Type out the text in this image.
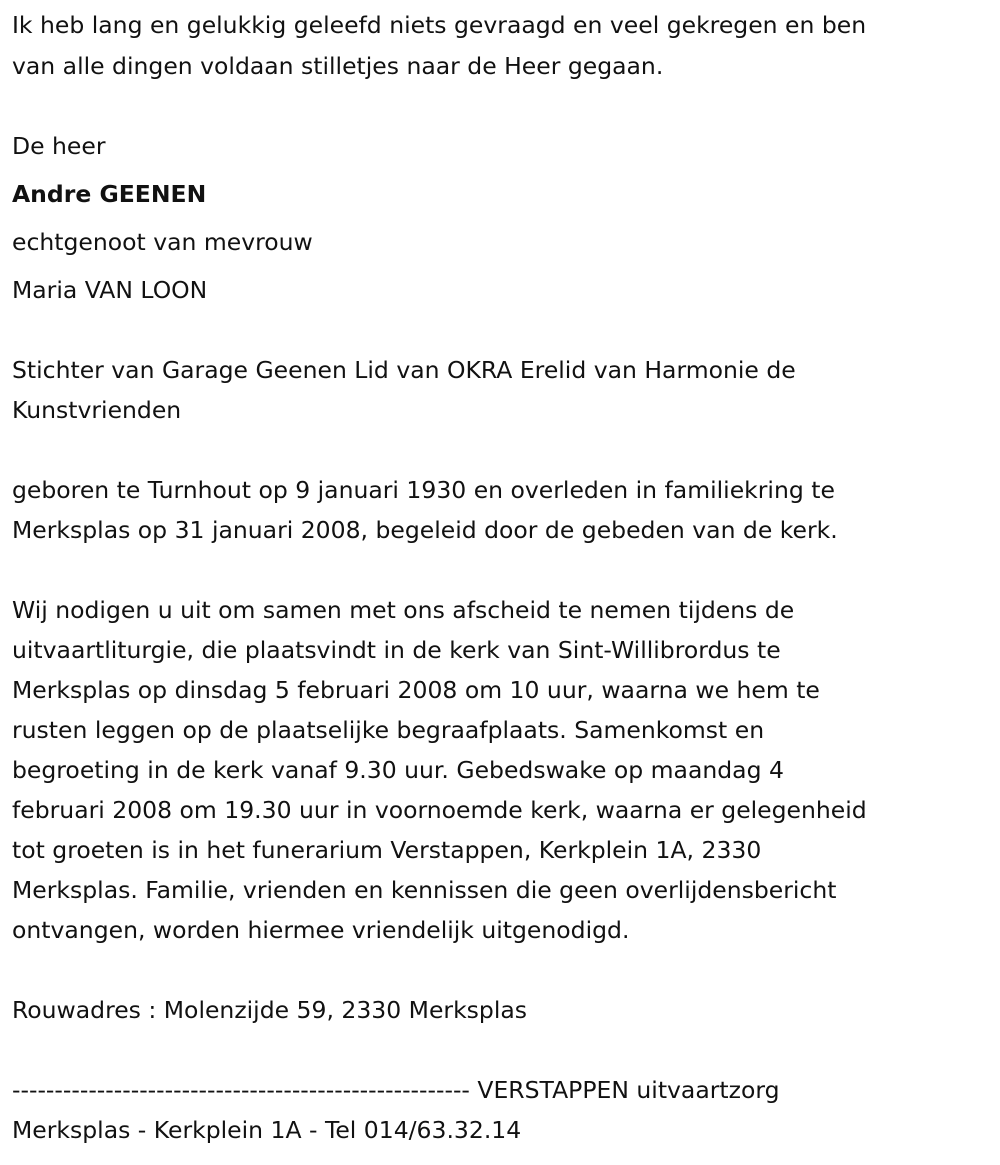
Ik heb lang en gelukkig geleefd niets gevraagd en veel gekregen en ben
van alle dingen voldaan stilletjes naar de Heer gegaan.
De heer
Andre GEENEN
echtgenoot van mevrouw
Maria VAN LOON
Stichter van Garage Geenen Lid van OKRA Erelid van Harmonie de
Kunstvrienden
geboren te Turnhout op 9 januari 1930 en overleden in familiekring te
Merksplas op 31 januari 2008, begeleid door de gebeden van de kerk.
Wij nodigen u uit om samen met ons afscheid te nemen tijdens de
uitvaartliturgie, die plaatsvindt in de kerk van Sint-Willibrordus te
Merksplas op dinsdag 5 februari 2008 om 10 uur, waarna we hem te
rusten leggen op de plaatselijke begraafplaats. Samenkomst en
begroeting in de kerk vanaf 9.30 uur. Gebedswake op maandag 4
februari 2008 om 19.30 uur in voornoemde kerk, waarna er gelegenheid
tot groeten is in het funerarium Verstappen, Kerkplein 1A, 2330
Merksplas. Familie, vrienden en kennissen die geen overlijdensbericht
ontvangen, worden hiermee vriendelijk uitgenodigd.
Rouwadres : Molenzijde 59, 2330 Merksplas
------------------------------------------------------ VERSTAPPEN uitvaartzorg
Merksplas - Kerkplein 1A - Tel 014/63.32.14
